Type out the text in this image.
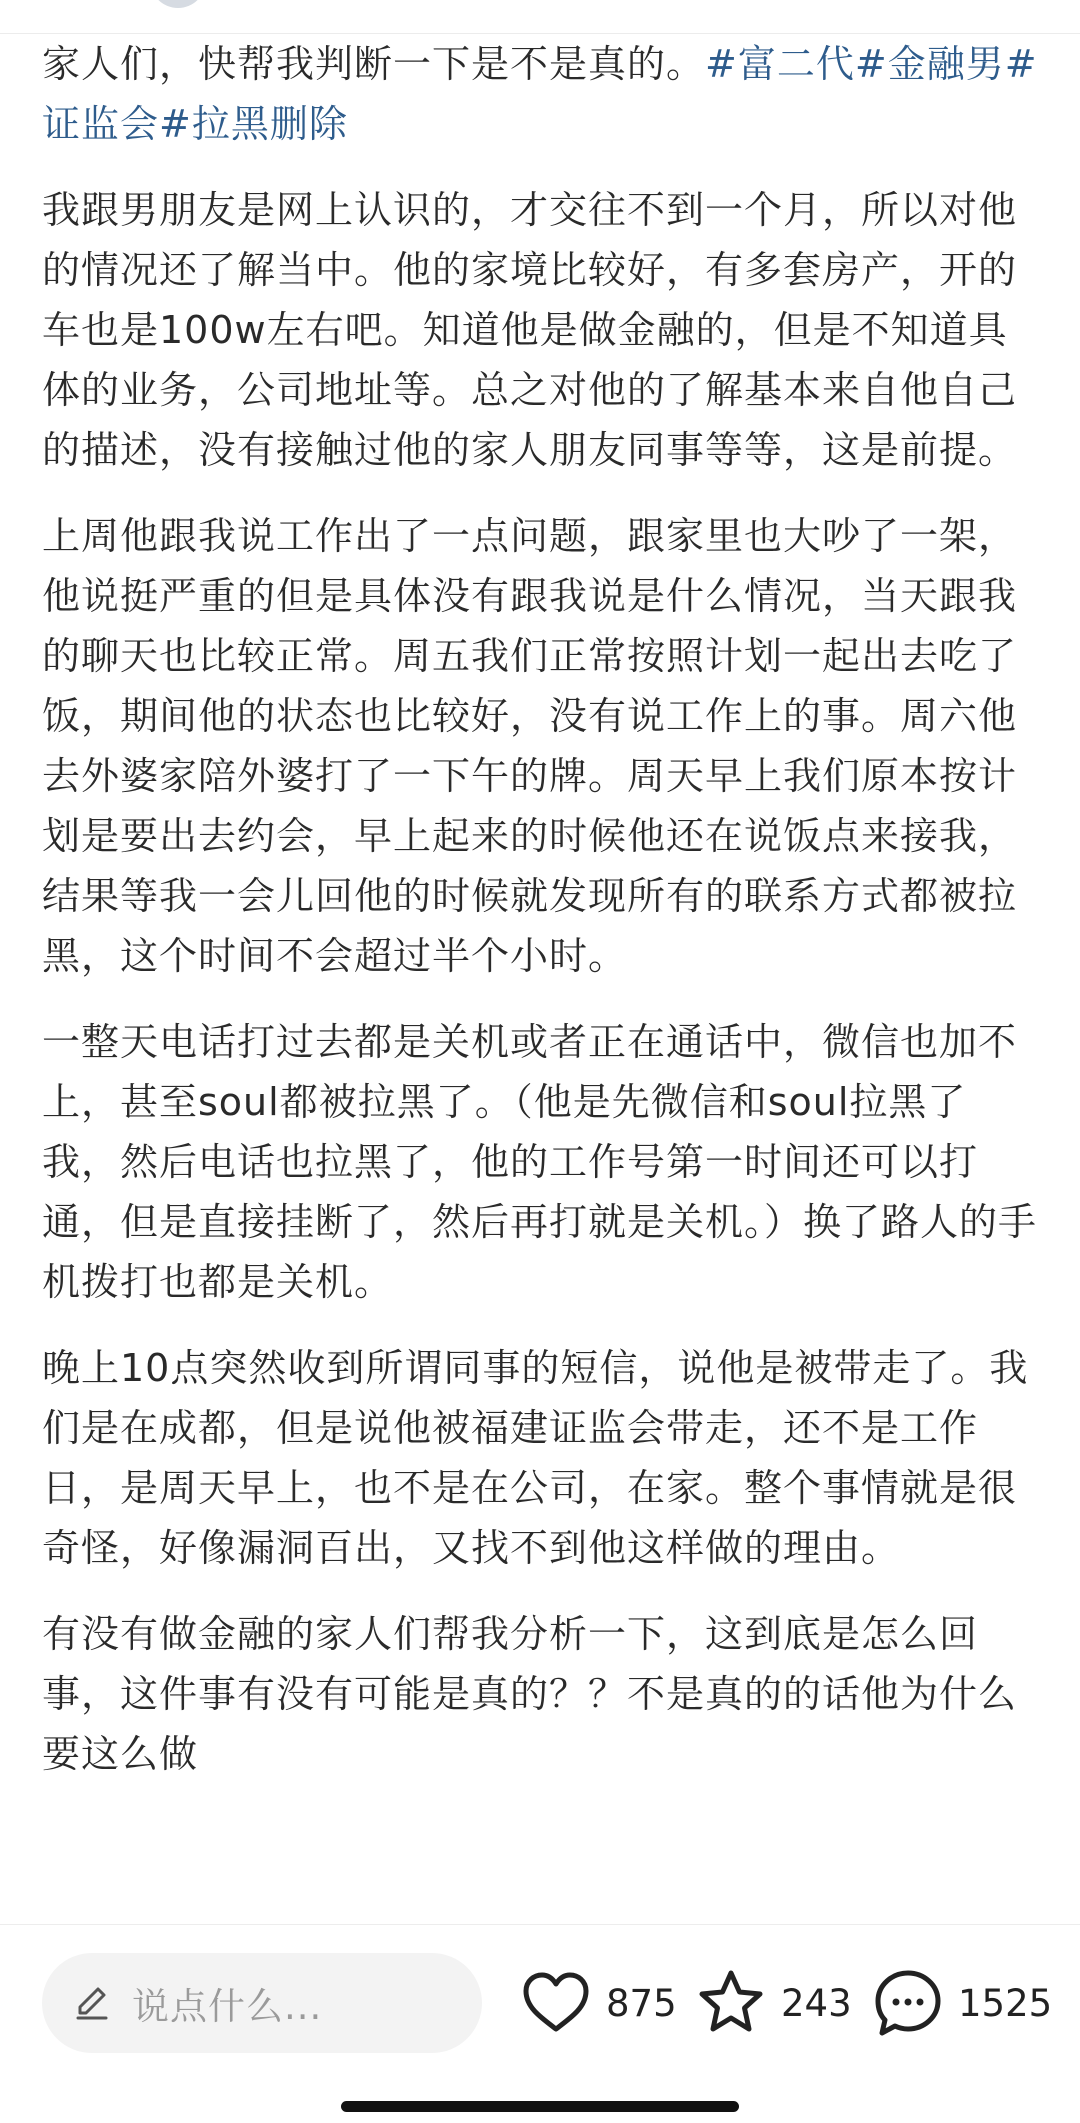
家人们，快帮我判断一下是不是真的。#富二代#金融男#证监会#拉黑删除

我跟男朋友是网上认识的，才交往不到一个月，所以对他的情况还了解当中。他的家境比较好，有多套房产，开的车也是100w左右吧。知道他是做金融的，但是不知道具体的业务，公司地址等。总之对他的了解基本来自他自己的描述，没有接触过他的家人朋友同事等等，这是前提。

上周他跟我说工作出了一点问题，跟家里也大吵了一架，他说挺严重的但是具体没有跟我说是什么情况，当天跟我的聊天也比较正常。周五我们正常按照计划一起出去吃了饭，期间他的状态也比较好，没有说工作上的事。周六他去外婆家陪外婆打了一下午的牌。周天早上我们原本按计划是要出去约会，早上起来的时候他还在说饭点来接我，结果等我一会儿回他的时候就发现所有的联系方式都被拉黑，这个时间不会超过半个小时。

一整天电话打过去都是关机或者正在通话中，微信也加不上，甚至soul都被拉黑了。（他是先微信和soul拉黑了我，然后电话也拉黑了，他的工作号第一时间还可以打通，但是直接挂断了，然后再打就是关机。）换了路人的手机拨打也都是关机。

晚上10点突然收到所谓同事的短信，说他是被带走了。我们是在成都，但是说他被福建证监会带走，还不是工作日，是周天早上，也不是在公司，在家。整个事情就是很奇怪，好像漏洞百出，又找不到他这样做的理由。

有没有做金融的家人们帮我分析一下，这到底是怎么回事，这件事有没有可能是真的？？不是真的的话他为什么要这么做

说点什么...	875	243	1525
